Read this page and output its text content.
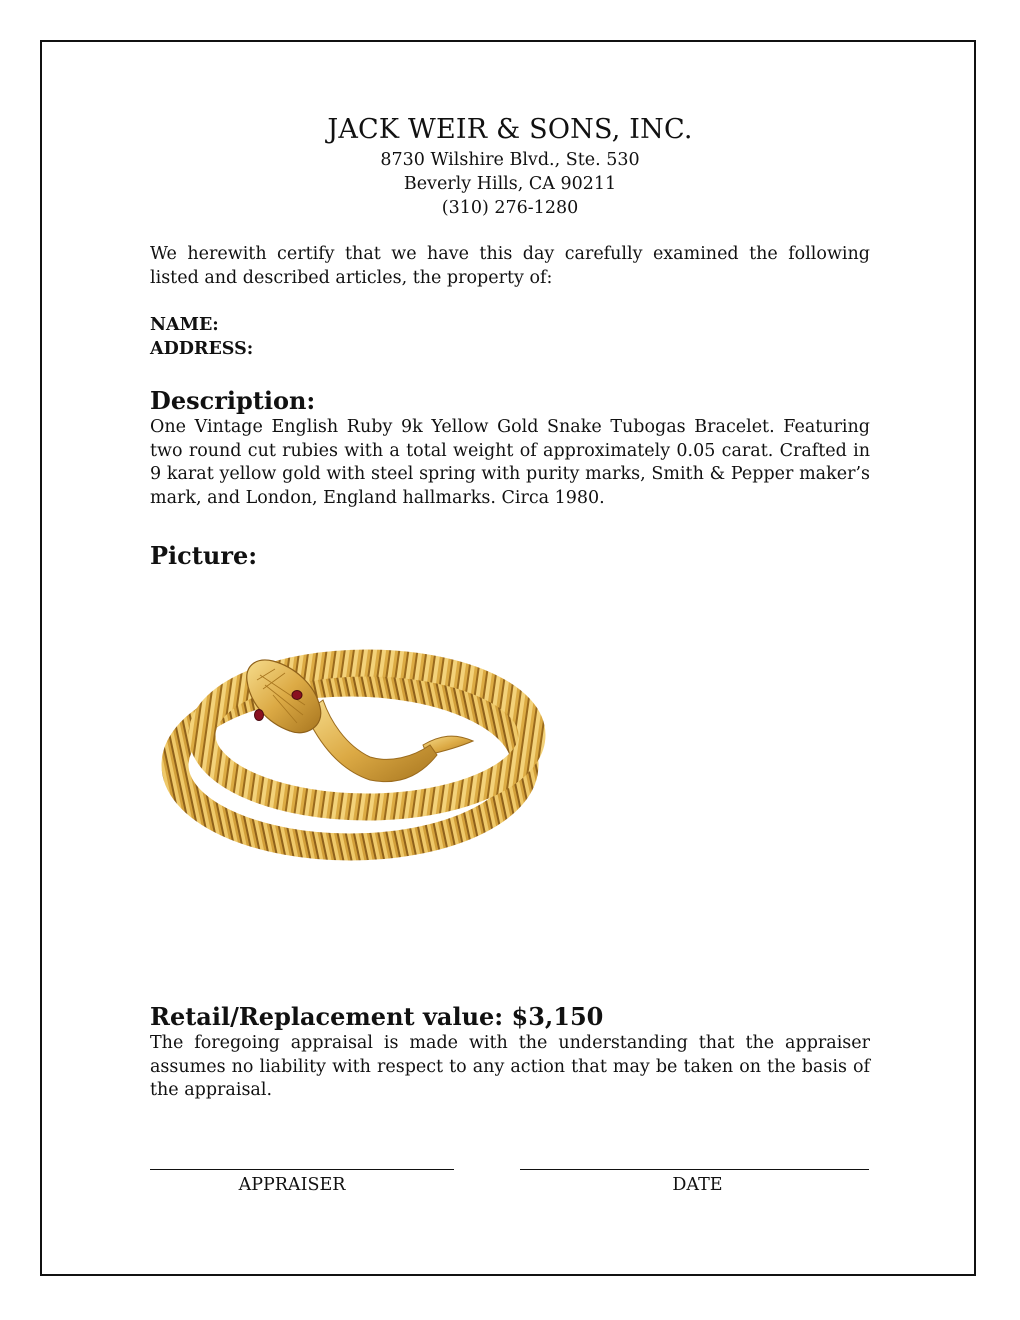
JACK WEIR & SONS, INC.
8730 Wilshire Blvd., Ste. 530
Beverly Hills, CA 90211
(310) 276-1280

We herewith certify that we have this day carefully examined the following listed and described articles, the property of:

NAME:
ADDRESS:
Description:

One Vintage English Ruby 9k Yellow Gold Snake Tubogas Bracelet. Featuring two round cut rubies with a total weight of approximately 0.05 carat. Crafted in 9 karat yellow gold with steel spring with purity marks, Smith & Pepper maker’s mark, and London, England hallmarks. Circa 1980.

Picture:
Retail/Replacement value: $3,150

The foregoing appraisal is made with the understanding that the appraiser assumes no liability with respect to any action that may be taken on the basis of the appraisal.

APPRAISER	DATE
